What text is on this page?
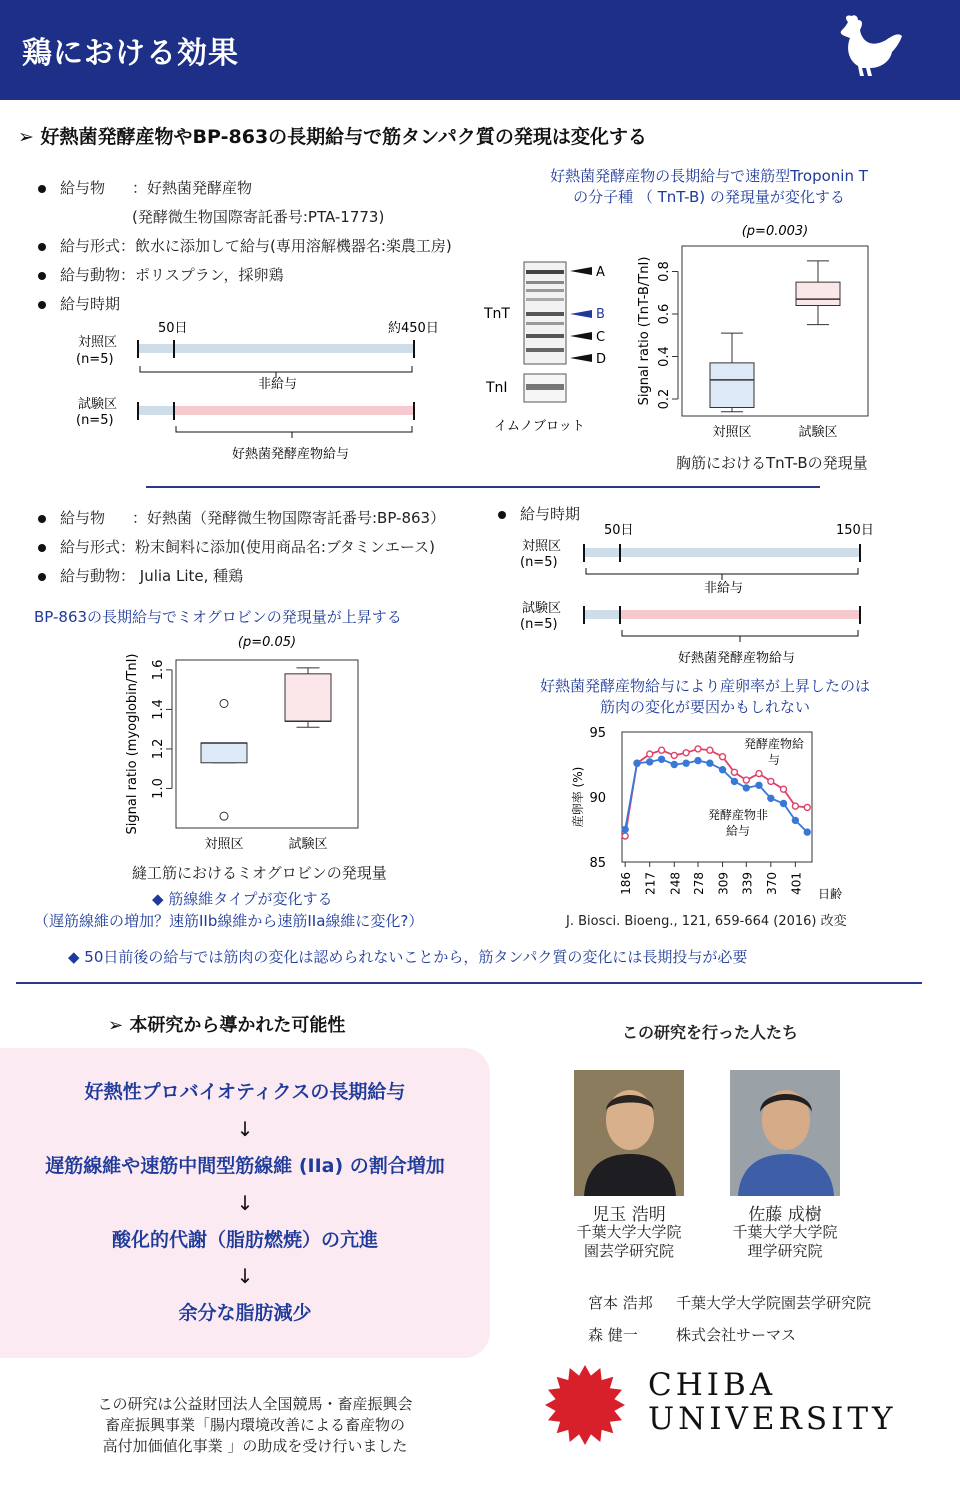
鶏における効果
➢ 好熱菌発酵産物やBP-863の長期給与で筋タンパク質の発現は変化する
給与物 ：好熱菌発酵産物
(発酵微生物国際寄託番号:PTA-1773)
給与形式：飲水に添加して給与(専用溶解機器名:楽農工房)
給与動物：ポリスプラン，採卵鶏
給与時期
50日	約450日
対照区
(n=5)
非給与
試験区
(n=5)
好熱菌発酵産物給与
好熱菌発酵産物の長期給与で速筋型Troponin T
の分子種 （ TnT-B) の発現量が変化する
TnT
TnI
A
B
C
D
イムノブロット
0.2
0.4
0.6
0.8
Signal ratio (TnT-B/TnI)
(p=0.003)
対照区	試験区
胸筋におけるTnT-Bの発現量
給与物 ：好熱菌（発酵微生物国際寄託番号:BP-863）
給与形式：粉末飼料に添加(使用商品名:ブタミンエース)
給与動物： Julia Lite, 種鶏
給与時期
50日	150日
対照区
(n=5)
非給与
試験区
(n=5)
好熱菌発酵産物給与
BP-863の長期給与でミオグロビンの発現量が上昇する
1.0
1.2
1.4
1.6
Signal ratio (myoglobin/TnI)
(p=0.05)
対照区	試験区
縫工筋におけるミオグロビンの発現量
◆ 筋線維タイプが変化する
（遅筋線維の増加？速筋IIb線維から速筋IIa線維に変化?）
好熱菌発酵産物給与により産卵率が上昇したのは
筋肉の変化が要因かもしれない
85
90
95
産卵率 (%)
186 217 248 278 309 339 370 401 日齢
発酵産物給
与
発酵産物非
給与
J. Biosci. Bioeng., 121, 659-664 (2016) 改変
◆ 50日前後の給与では筋肉の変化は認められないことから，筋タンパク質の変化には長期投与が必要
➢ 本研究から導かれた可能性
好熱性プロバイオティクスの長期給与
↓
遅筋線維や速筋中間型筋線維 (IIa) の割合増加
↓
酸化的代謝（脂肪燃焼）の亢進
↓
余分な脂肪減少
この研究は公益財団法人全国競馬・畜産振興会
畜産振興事業「腸内環境改善による畜産物の
高付加価値化事業 」の助成を受け行いました
この研究を行った人たち
児玉 浩明
千葉大学大学院
園芸学研究院
佐藤 成樹
千葉大学大学院
理学研究院
宮本 浩邦 千葉大学大学院園芸学研究院
森 健一	株式会社サーマス
CHIBA
UNIVERSITY
